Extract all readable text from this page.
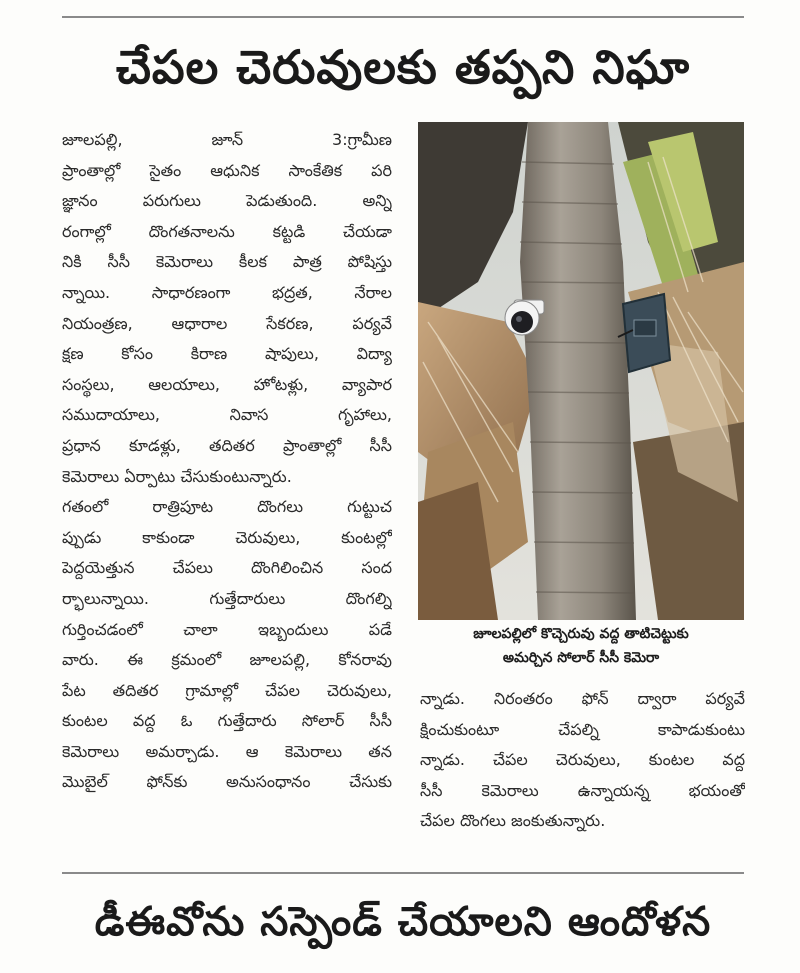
చేపల చెరువులకు తప్పని నిఘా
జూలపల్లి, జూన్ 3:గ్రామీణ
ప్రాంతాల్లో సైతం ఆధునిక సాంకేతిక పరి
జ్ఞానం పరుగులు పెడుతుంది. అన్ని
రంగాల్లో దొంగతనాలను కట్టడి చేయడా
నికి సీసీ కెమెరాలు కీలక పాత్ర పోషిస్తు
న్నాయి. సాధారణంగా భద్రత, నేరాల
నియంత్రణ, ఆధారాల సేకరణ, పర్యవే
క్షణ కోసం కిరాణ షాపులు, విద్యా
సంస్థలు, ఆలయాలు, హోటళ్లు, వ్యాపార
సముదాయాలు, నివాస గృహాలు,
ప్రధాన కూడళ్లు, తదితర ప్రాంతాల్లో సీసీ
కెమెరాలు ఏర్పాటు చేసుకుంటున్నారు.
గతంలో రాత్రిపూట దొంగలు గుట్టుచ
ప్పుడు కాకుండా చెరువులు, కుంటల్లో
పెద్దయెత్తున చేపలు దొంగిలించిన సంద
ర్భాలున్నాయి. గుత్తేదారులు దొంగల్ని
గుర్తించడంలో చాలా ఇబ్బందులు పడే
వారు. ఈ క్రమంలో జూలపల్లి, కోనరావు
పేట తదితర గ్రామాల్లో చేపల చెరువులు,
కుంటల వద్ద ఓ గుత్తేదారు సోలార్ సీసీ
కెమెరాలు అమర్చాడు. ఆ కెమెరాలు తన
మొబైల్ ఫోన్‌కు అనుసంధానం చేసుకు
జూలపల్లిలో కొచ్చెరువు వద్ద తాటిచెట్టుకు
అమర్చిన సోలార్ సీసీ కెమెరా
న్నాడు. నిరంతరం ఫోన్ ద్వారా పర్యవే
క్షించుకుంటూ చేపల్ని కాపాడుకుంటు
న్నాడు. చేపల చెరువులు, కుంటల వద్ద
సీసీ కెమెరాలు ఉన్నాయన్న భయంతో
చేపల దొంగలు జంకుతున్నారు.
డీఈవోను సస్పెండ్ చేయాలని ఆందోళన
